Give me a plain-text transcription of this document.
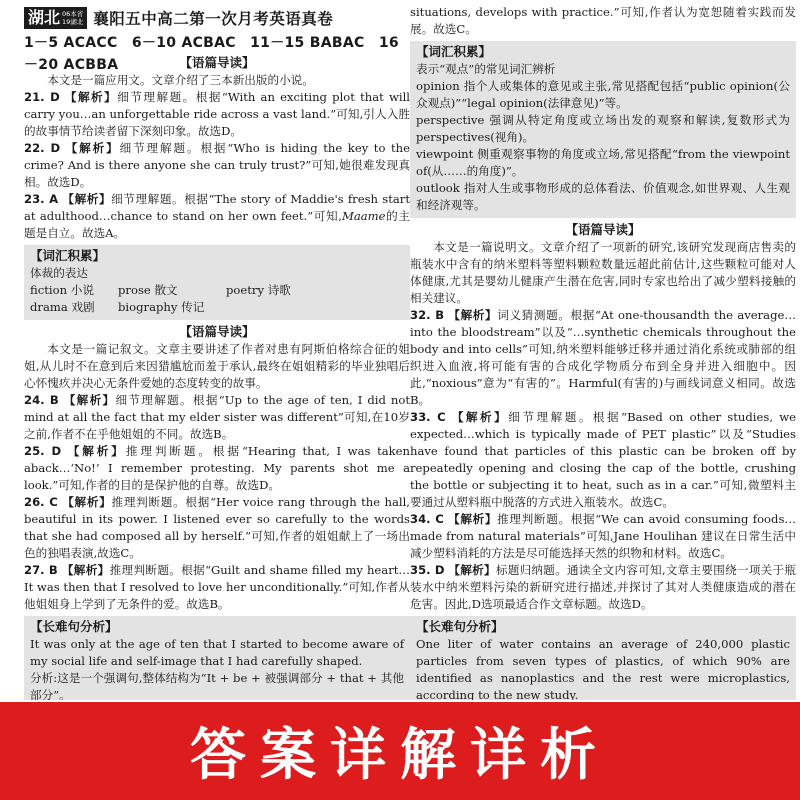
湖北 06本省
19湖北 襄阳五中高二第一次月考英语真卷
1－5 ACACC　6－10 ACBAC　11－15 BABAC　16－20 ACBBA	【语篇导读】

本文是一篇应用文。文章介绍了三本新出版的小说。

21. D 【解析】细节理解题。根据“With an exciting plot that will carry you…an unforgettable ride across a vast land.”可知,引人入胜的故事情节给读者留下深刻印象。故选D。

22. D 【解析】细节理解题。根据“Who is hiding the key to the crime? And is there anyone she can truly trust?”可知,她很难发现真相。故选D。

23. A 【解析】细节理解题。根据“The story of Maddie's fresh start at adulthood…chance to stand on her own feet.”可知,Maame的主题是自立。故选A。

【词汇积累】
体裁的表达
fiction 小说	prose 散文	poetry 诗歌
drama 戏剧	biography 传记
【语篇导读】

本文是一篇记叙文。文章主要讲述了作者对患有阿斯伯格综合征的姐姐,从儿时不在意到后来因猎尴尬而羞于承认,最终在姐姐精彩的毕业独唱后心怀愧疚并决心无条件爱她的态度转变的故事。

24. B 【解析】细节理解题。根据“Up to the age of ten, I did not mind at all the fact that my elder sister was different”可知,在10岁之前,作者不在乎他姐姐的不同。故选B。

25. D 【解析】推理判断题。根据“Hearing that, I was taken aback…‘No!’ I remember protesting. My parents shot me a look.”可知,作者的目的是保护他的自尊。故选D。

26. C 【解析】推理判断题。根据“Her voice rang through the hall, beautiful in its power. I listened ever so carefully to the words that she had composed all by herself.”可知,作者的姐姐献上了一场出色的独唱表演,故选C。

27. B 【解析】推理判断题。根据“Guilt and shame filled my heart…It was then that I resolved to love her unconditionally.”可知,作者从他姐姐身上学到了无条件的爱。故选B。

【长难句分析】

It was only at the age of ten that I started to become aware of my social life and self-image that I had carefully shaped.

分析:这是一个强调句,整体结构为“It + be + 被强调部分 + that + 其他部分”。

situations, develops with practice.”可知,作者认为宽恕随着实践而发展。故选C。

【词汇积累】

表示“观点”的常见词汇辨析

opinion 指个人或集体的意见或主张,常见搭配包括“public opinion(公众观点)”“legal opinion(法律意见)”等。

perspective 强调从特定角度或立场出发的观察和解读,复数形式为 perspectives(视角)。

viewpoint 侧重观察事物的角度或立场,常见搭配“from the viewpoint of(从……的角度)”。

outlook 指对人生或事物形成的总体看法、价值观念,如世界观、人生观和经济观等。

【语篇导读】

本文是一篇说明文。文章介绍了一项新的研究,该研究发现商店售卖的瓶装水中含有的纳米塑料等塑料颗粒数量远超此前估计,这些颗粒可能对人体健康,尤其是婴幼儿健康产生潜在危害,同时专家也给出了减少塑料接触的相关建议。

32. B 【解析】词义猜测题。根据“At one-thousandth the average…into the bloodstream”以及“…synthetic chemicals throughout the body and into cells”可知,纳米塑料能够迁移并通过消化系统或肺部的组织进入血液,将可能有害的合成化学物质分布到全身并进入细胞中。因此,“noxious”意为“有害的”。Harmful(有害的)与画线词意义相同。故选B。

33. C 【解析】细节理解题。根据“Based on other studies, we expected…which is typically made of PET plastic”以及“Studies have found that particles of this plastic can be broken off by repeatedly opening and closing the cap of the bottle, crushing the bottle or subjecting it to heat, such as in a car.”可知,微塑料主要通过从塑料瓶中脱落的方式进入瓶装水。故选C。

34. C 【解析】推理判断题。根据“We can avoid consuming foods…made from natural materials”可知,Jane Houlihan 建议在日常生活中减少塑料消耗的方法是尽可能选择天然的织物和材料。故选C。

35. D 【解析】标题归纳题。通读全文内容可知,文章主要围绕一项关于瓶装水中纳米塑料污染的新研究进行描述,并探讨了其对人类健康造成的潜在危害。因此,D选项最适合作文章标题。故选D。

【长难句分析】

One liter of water contains an average of 240,000 plastic particles from seven types of plastics, of which 90% are identified as nanoplastics and the rest were microplastics, according to the new study.

答案详解详析
